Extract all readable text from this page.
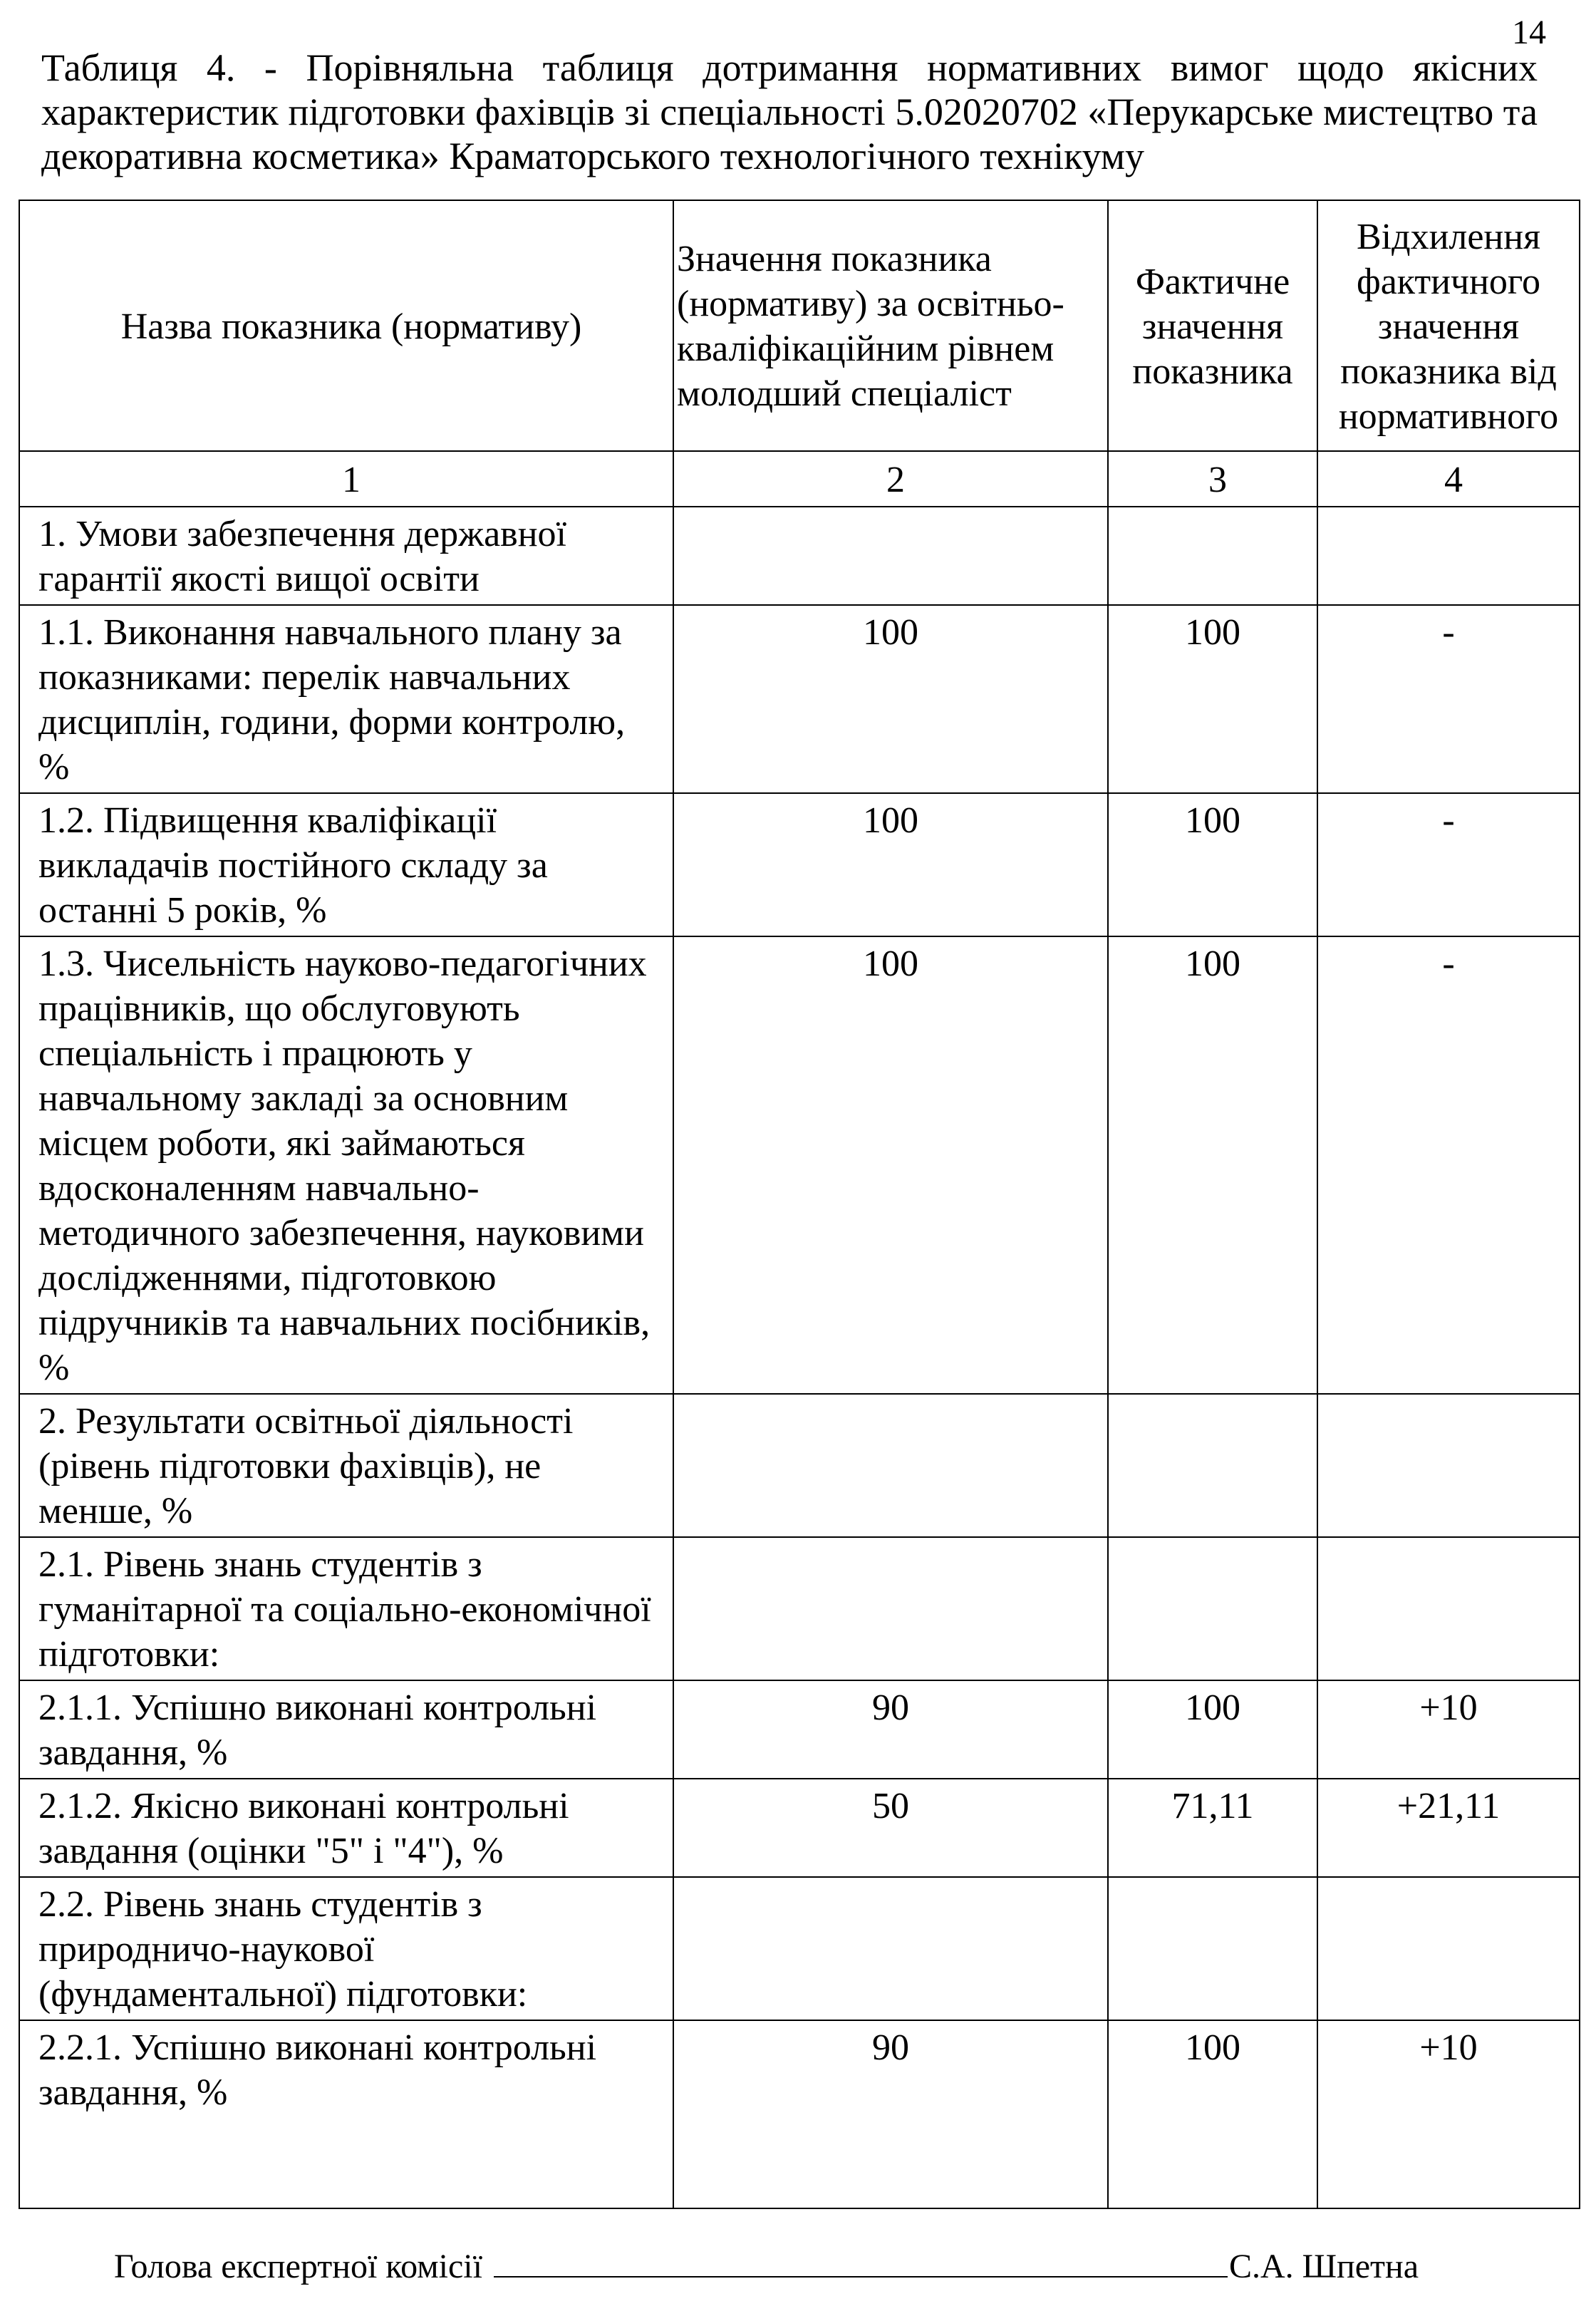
14
Таблиця 4. - Порівняльна таблиця дотримання нормативних вимог щодо якісних характеристик підготовки фахівців зі спеціальності 5.02020702 «Перукарське мистецтво та декоративна косметика» Краматорського технологічного технікуму
Назва показника (нормативу)	Значення показника (нормативу) за освітньо-кваліфікаційним рівнем молодший спеціаліст	Фактичне значення показника	Відхилення фактичного значення показника від нормативного
1	2	3	4
1. Умови забезпечення державної гарантії якості вищої освіти			
1.1. Виконання навчального плану за показниками: перелік навчальних дисциплін, години, форми контролю, %	100	100	-
1.2. Підвищення кваліфікації викладачів постійного складу за останні 5 років, %	100	100	-
1.3. Чисельність науково-педагогічних працівників, що обслуговують спеціальність і працюють у навчальному закладі за основним місцем роботи, які займаються вдосконаленням навчально-методичного забезпечення, науковими дослідженнями, підготовкою підручників та навчальних посібників, %	100	100	-
2. Результати освітньої діяльності (рівень підготовки фахівців), не менше, %			
2.1. Рівень знань студентів з гуманітарної та соціально-економічної підготовки:			
2.1.1. Успішно виконані контрольні завдання, %	90	100	+10
2.1.2. Якісно виконані контрольні завдання (оцінки "5" і "4"), %	50	71,11	+21,11
2.2. Рівень знань студентів з природничо-наукової (фундаментальної) підготовки:			
2.2.1. Успішно виконані контрольні завдання, %	90	100	+10
Голова експертної комісії	С.А. Шпетна
